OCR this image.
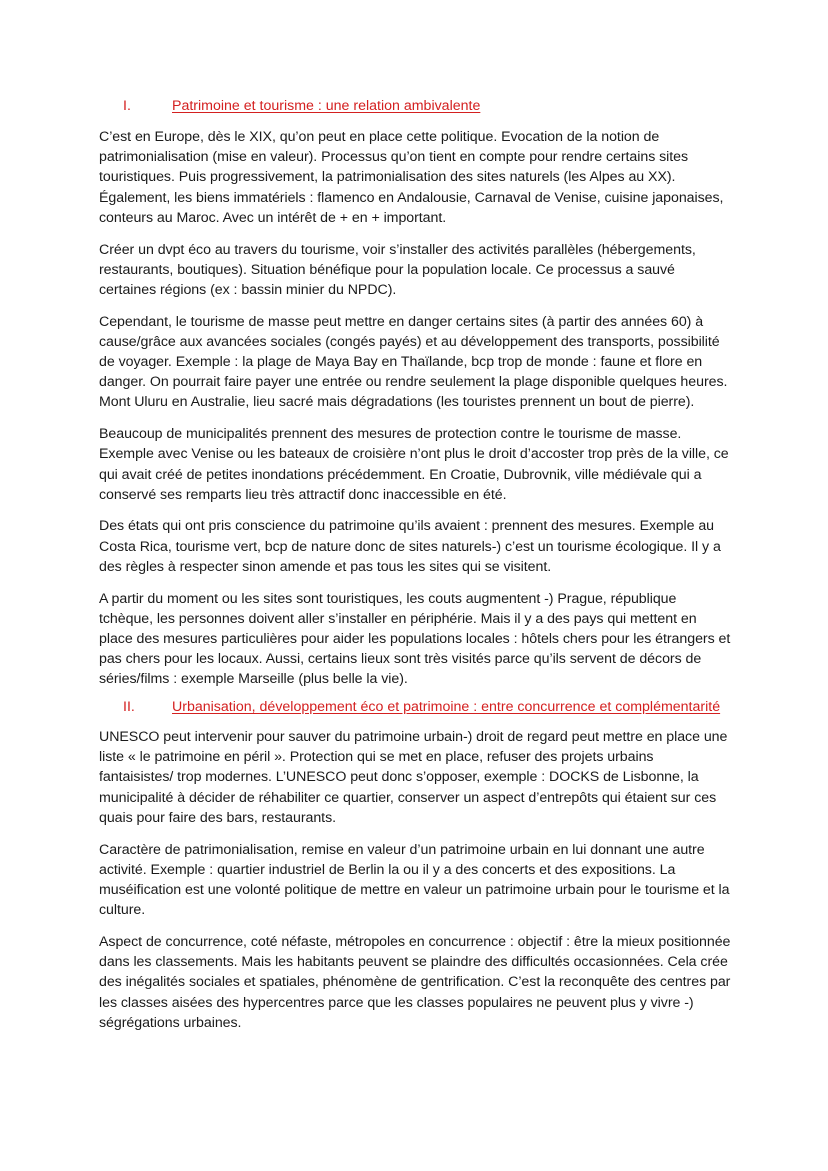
I.	Patrimoine et tourisme : une relation ambivalente

C’est en Europe, dès le XIX, qu’on peut en place cette politique. Evocation de la notion de patrimonialisation (mise en valeur). Processus qu’on tient en compte pour rendre certains sites touristiques. Puis progressivement, la patrimonialisation des sites naturels (les Alpes au XX). Également, les biens immatériels : flamenco en Andalousie, Carnaval de Venise, cuisine japonaises, conteurs au Maroc. Avec un intérêt de + en + important.

Créer un dvpt éco au travers du tourisme, voir s’installer des activités parallèles (hébergements, restaurants, boutiques). Situation bénéfique pour la population locale. Ce processus a sauvé certaines régions (ex : bassin minier du NPDC).

Cependant, le tourisme de masse peut mettre en danger certains sites (à partir des années 60) à cause/grâce aux avancées sociales (congés payés) et au développement des transports, possibilité de voyager. Exemple : la plage de Maya Bay en Thaïlande, bcp trop de monde : faune et flore en danger. On pourrait faire payer une entrée ou rendre seulement la plage disponible quelques heures. Mont Uluru en Australie, lieu sacré mais dégradations (les touristes prennent un bout de pierre).

Beaucoup de municipalités prennent des mesures de protection contre le tourisme de masse. Exemple avec Venise ou les bateaux de croisière n’ont plus le droit d’accoster trop près de la ville, ce qui avait créé de petites inondations précédemment. En Croatie, Dubrovnik, ville médiévale qui a conservé ses remparts lieu très attractif donc inaccessible en été.

Des états qui ont pris conscience du patrimoine qu’ils avaient : prennent des mesures. Exemple au Costa Rica, tourisme vert, bcp de nature donc de sites naturels-) c’est un tourisme écologique. Il y a des règles à respecter sinon amende et pas tous les sites qui se visitent.

A partir du moment ou les sites sont touristiques, les couts augmentent -) Prague, république tchèque, les personnes doivent aller s’installer en périphérie. Mais il y a des pays qui mettent en place des mesures particulières pour aider les populations locales : hôtels chers pour les étrangers et pas chers pour les locaux. Aussi, certains lieux sont très visités parce qu’ils servent de décors de séries/films : exemple Marseille (plus belle la vie).

II.	Urbanisation, développement éco et patrimoine : entre concurrence et complémentarité

UNESCO peut intervenir pour sauver du patrimoine urbain-) droit de regard peut mettre en place une liste « le patrimoine en péril ». Protection qui se met en place, refuser des projets urbains fantaisistes/ trop modernes. L’UNESCO peut donc s’opposer, exemple : DOCKS de Lisbonne, la municipalité à décider de réhabiliter ce quartier, conserver un aspect d’entrepôts qui étaient sur ces quais pour faire des bars, restaurants.

Caractère de patrimonialisation, remise en valeur d’un patrimoine urbain en lui donnant une autre activité. Exemple : quartier industriel de Berlin la ou il y a des concerts et des expositions. La muséification est une volonté politique de mettre en valeur un patrimoine urbain pour le tourisme et la culture.

Aspect de concurrence, coté néfaste, métropoles en concurrence : objectif : être la mieux positionnée dans les classements. Mais les habitants peuvent se plaindre des difficultés occasionnées. Cela crée des inégalités sociales et spatiales, phénomène de gentrification. C’est la reconquête des centres par les classes aisées des hypercentres parce que les classes populaires ne peuvent plus y vivre -) ségrégations urbaines.
